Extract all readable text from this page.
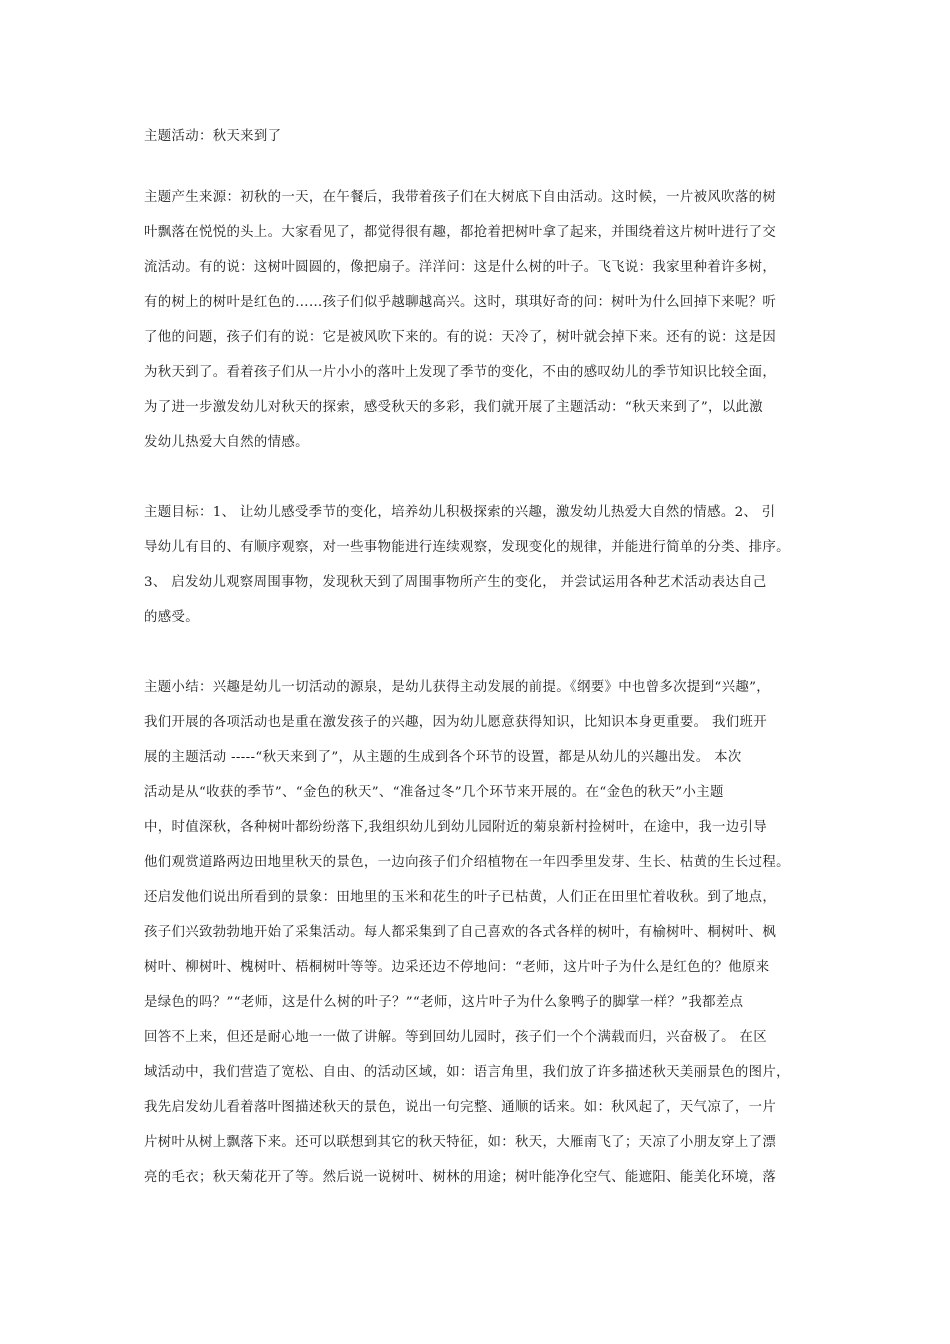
主题活动：秋天来到了
主题产生来源：初秋的一天，在午餐后，我带着孩子们在大树底下自由活动。这时候，一片被风吹落的树
叶飘落在悦悦的头上。大家看见了，都觉得很有趣，都抢着把树叶拿了起来，并围绕着这片树叶进行了交
流活动。有的说：这树叶圆圆的，像把扇子。洋洋问：这是什么树的叶子。飞飞说：我家里种着许多树，
有的树上的树叶是红色的……孩子们似乎越聊越高兴。这时，琪琪好奇的问：树叶为什么回掉下来呢？听
了他的问题，孩子们有的说：它是被风吹下来的。有的说：天冷了，树叶就会掉下来。还有的说：这是因
为秋天到了。看着孩子们从一片小小的落叶上发现了季节的变化，不由的感叹幼儿的季节知识比较全面，
为了进一步激发幼儿对秋天的探索，感受秋天的多彩，我们就开展了主题活动：“秋天来到了”，以此激
发幼儿热爱大自然的情感。
主题目标：1、 让幼儿感受季节的变化，培养幼儿积极探索的兴趣，激发幼儿热爱大自然的情感。2、 引
导幼儿有目的、有顺序观察，对一些事物能进行连续观察，发现变化的规律，并能进行简单的分类、排序。
3、 启发幼儿观察周围事物，发现秋天到了周围事物所产生的变化， 并尝试运用各种艺术活动表达自己
的感受。
主题小结：兴趣是幼儿一切活动的源泉，是幼儿获得主动发展的前提。《纲要》中也曾多次提到“兴趣”，
我们开展的各项活动也是重在激发孩子的兴趣，因为幼儿愿意获得知识，比知识本身更重要。 我们班开
展的主题活动 -----“秋天来到了”，从主题的生成到各个环节的设置，都是从幼儿的兴趣出发。 本次
活动是从“收获的季节”、“金色的秋天”、“准备过冬”几个环节来开展的。在“金色的秋天”小主题
中，时值深秋，各种树叶都纷纷落下,我组织幼儿到幼儿园附近的菊泉新村捡树叶，在途中，我一边引导
他们观赏道路两边田地里秋天的景色，一边向孩子们介绍植物在一年四季里发芽、生长、枯黄的生长过程。
还启发他们说出所看到的景象：田地里的玉米和花生的叶子已枯黄，人们正在田里忙着收秋。到了地点，
孩子们兴致勃勃地开始了采集活动。每人都采集到了自己喜欢的各式各样的树叶，有榆树叶、桐树叶、枫
树叶、柳树叶、槐树叶、梧桐树叶等等。边采还边不停地问：“老师，这片叶子为什么是红色的？他原来
是绿色的吗？”“老师，这是什么树的叶子？”“老师，这片叶子为什么象鸭子的脚掌一样？”我都差点
回答不上来，但还是耐心地一一做了讲解。等到回幼儿园时，孩子们一个个满载而归，兴奋极了。 在区
域活动中，我们营造了宽松、自由、的活动区域，如：语言角里，我们放了许多描述秋天美丽景色的图片，
我先启发幼儿看着落叶图描述秋天的景色，说出一句完整、通顺的话来。如：秋风起了，天气凉了，一片
片树叶从树上飘落下来。还可以联想到其它的秋天特征，如：秋天，大雁南飞了；天凉了小朋友穿上了漂
亮的毛衣；秋天菊花开了等。然后说一说树叶、树林的用途；树叶能净化空气、能遮阳、能美化环境，落
